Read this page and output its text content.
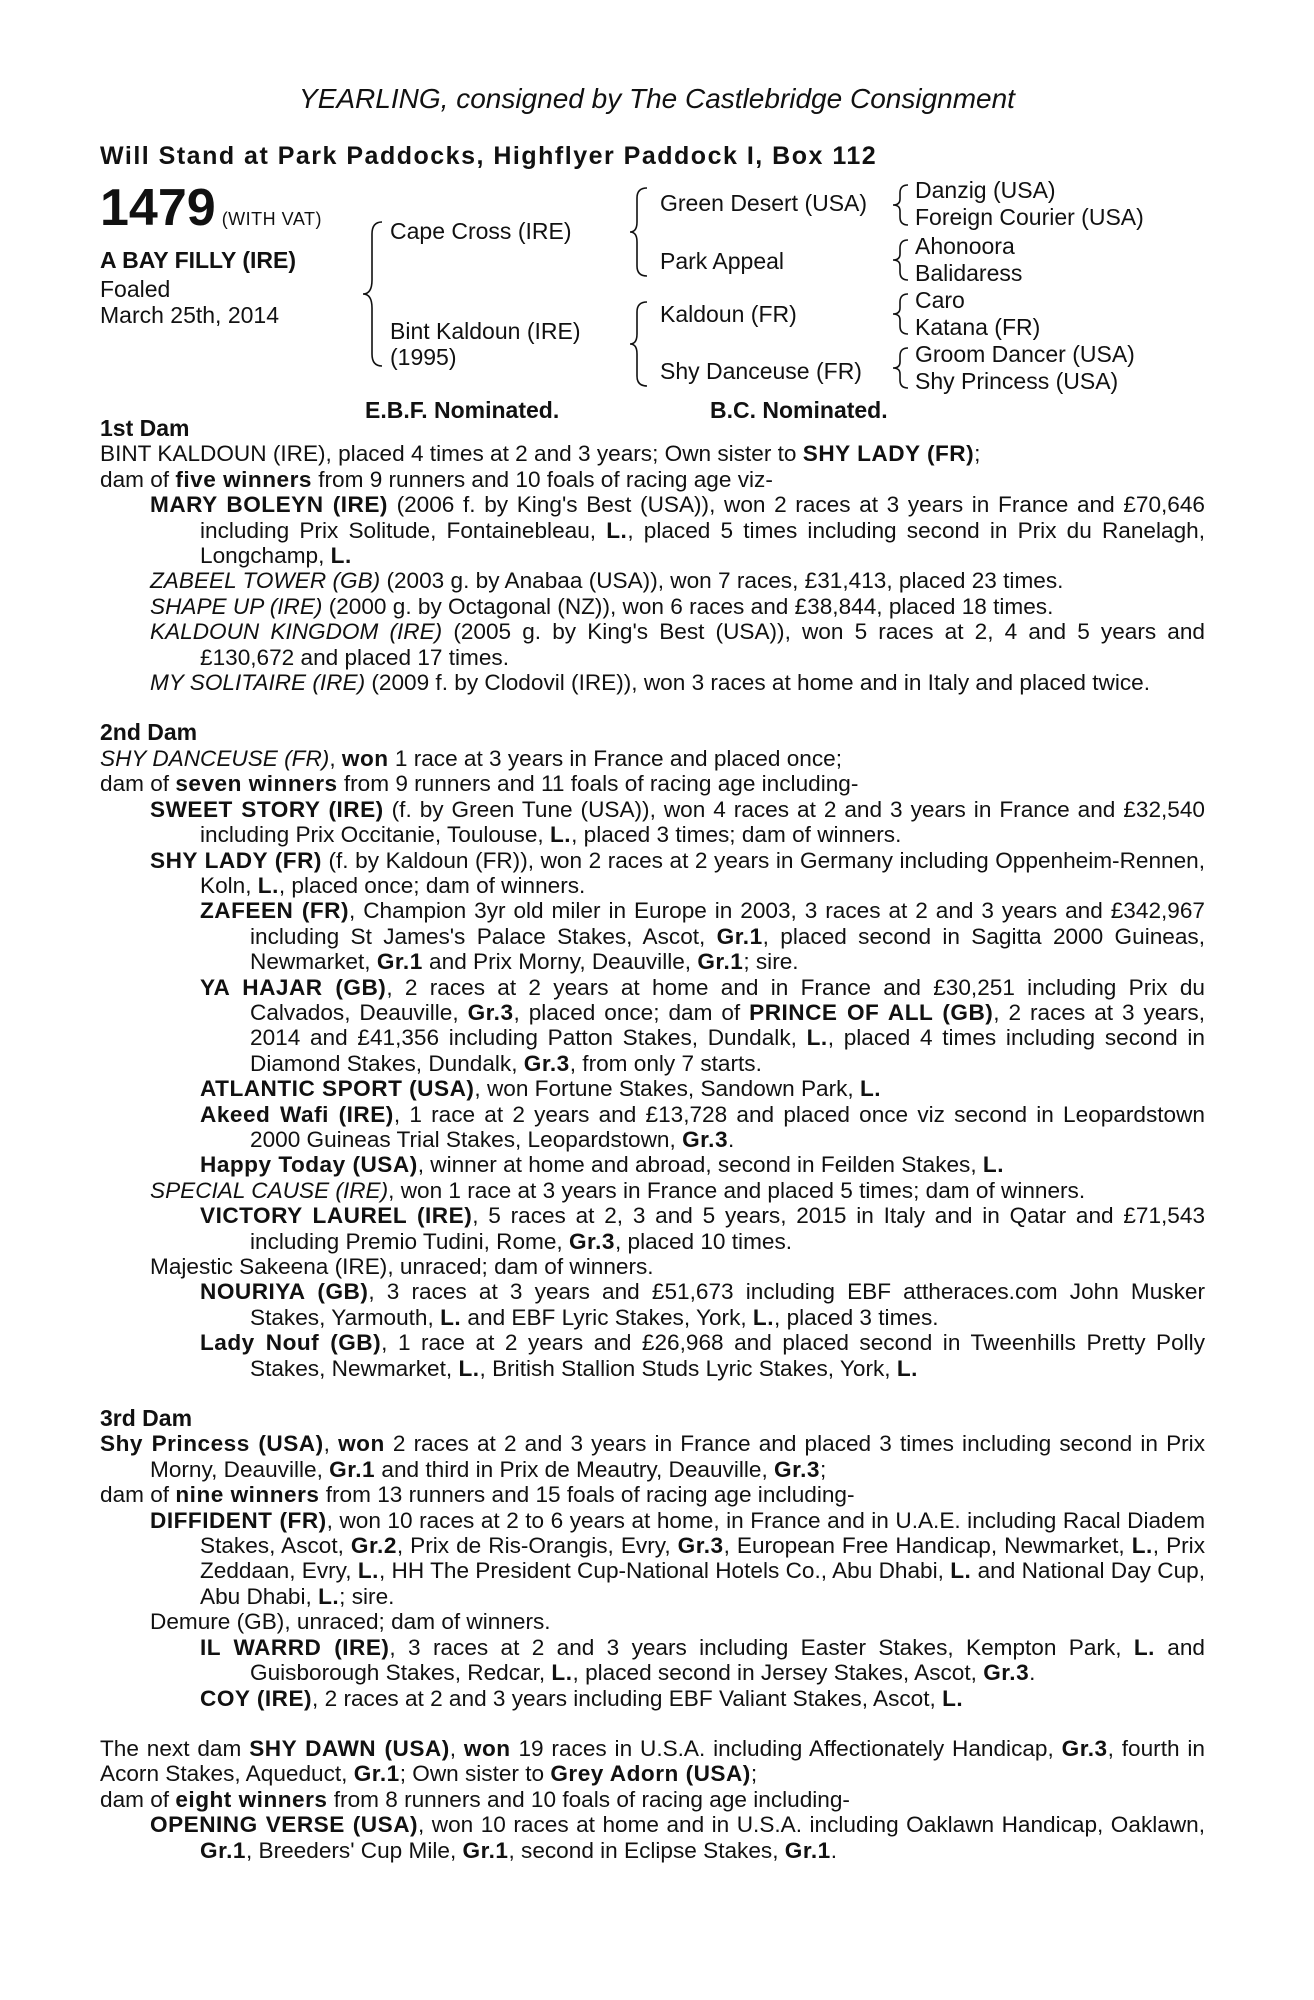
YEARLING, consigned by The Castlebridge Consignment
Will Stand at Park Paddocks, Highflyer Paddock I, Box 112
1479 (WITH VAT)
A BAY FILLY (IRE)
Foaled
March 25th, 2014
Cape Cross (IRE)
Bint Kaldoun (IRE)
(1995)
Green Desert (USA)
Park Appeal
Kaldoun (FR)
Shy Danceuse (FR)
Danzig (USA)
Foreign Courier (USA)
Ahonoora
Balidaress
Caro
Katana (FR)
Groom Dancer (USA)
Shy Princess (USA)
E.B.F. Nominated.	B.C. Nominated.

1st Dam

BINT KALDOUN (IRE), placed 4 times at 2 and 3 years; Own sister to SHY LADY (FR);

dam of five winners from 9 runners and 10 foals of racing age viz-

MARY BOLEYN (IRE) (2006 f. by King's Best (USA)), won 2 races at 3 years in France and £70,646 including Prix Solitude, Fontainebleau, L., placed 5 times including second in Prix du Ranelagh, Longchamp, L.

ZABEEL TOWER (GB) (2003 g. by Anabaa (USA)), won 7 races, £31,413, placed 23 times.

SHAPE UP (IRE) (2000 g. by Octagonal (NZ)), won 6 races and £38,844, placed 18 times.

KALDOUN KINGDOM (IRE) (2005 g. by King's Best (USA)), won 5 races at 2, 4 and 5 years and £130,672 and placed 17 times.

MY SOLITAIRE (IRE) (2009 f. by Clodovil (IRE)), won 3 races at home and in Italy and placed twice.

2nd Dam

SHY DANCEUSE (FR), won 1 race at 3 years in France and placed once;

dam of seven winners from 9 runners and 11 foals of racing age including-

SWEET STORY (IRE) (f. by Green Tune (USA)), won 4 races at 2 and 3 years in France and £32,540 including Prix Occitanie, Toulouse, L., placed 3 times; dam of winners.

SHY LADY (FR) (f. by Kaldoun (FR)), won 2 races at 2 years in Germany including Oppenheim-Rennen, Koln, L., placed once; dam of winners.

ZAFEEN (FR), Champion 3yr old miler in Europe in 2003, 3 races at 2 and 3 years and £342,967 including St James's Palace Stakes, Ascot, Gr.1, placed second in Sagitta 2000 Guineas, Newmarket, Gr.1 and Prix Morny, Deauville, Gr.1; sire.

YA HAJAR (GB), 2 races at 2 years at home and in France and £30,251 including Prix du Calvados, Deauville, Gr.3, placed once; dam of PRINCE OF ALL (GB), 2 races at 3 years, 2014 and £41,356 including Patton Stakes, Dundalk, L., placed 4 times including second in Diamond Stakes, Dundalk, Gr.3, from only 7 starts.

ATLANTIC SPORT (USA), won Fortune Stakes, Sandown Park, L.

Akeed Wafi (IRE), 1 race at 2 years and £13,728 and placed once viz second in Leopardstown 2000 Guineas Trial Stakes, Leopardstown, Gr.3.

Happy Today (USA), winner at home and abroad, second in Feilden Stakes, L.

SPECIAL CAUSE (IRE), won 1 race at 3 years in France and placed 5 times; dam of winners.

VICTORY LAUREL (IRE), 5 races at 2, 3 and 5 years, 2015 in Italy and in Qatar and £71,543 including Premio Tudini, Rome, Gr.3, placed 10 times.

Majestic Sakeena (IRE), unraced; dam of winners.

NOURIYA (GB), 3 races at 3 years and £51,673 including EBF attheraces.com John Musker Stakes, Yarmouth, L. and EBF Lyric Stakes, York, L., placed 3 times.

Lady Nouf (GB), 1 race at 2 years and £26,968 and placed second in Tweenhills Pretty Polly Stakes, Newmarket, L., British Stallion Studs Lyric Stakes, York, L.

3rd Dam

Shy Princess (USA), won 2 races at 2 and 3 years in France and placed 3 times including second in Prix Morny, Deauville, Gr.1 and third in Prix de Meautry, Deauville, Gr.3;

dam of nine winners from 13 runners and 15 foals of racing age including-

DIFFIDENT (FR), won 10 races at 2 to 6 years at home, in France and in U.A.E. including Racal Diadem Stakes, Ascot, Gr.2, Prix de Ris-Orangis, Evry, Gr.3, European Free Handicap, Newmarket, L., Prix Zeddaan, Evry, L., HH The President Cup-National Hotels Co., Abu Dhabi, L. and National Day Cup, Abu Dhabi, L.; sire.

Demure (GB), unraced; dam of winners.

IL WARRD (IRE), 3 races at 2 and 3 years including Easter Stakes, Kempton Park, L. and Guisborough Stakes, Redcar, L., placed second in Jersey Stakes, Ascot, Gr.3.

COY (IRE), 2 races at 2 and 3 years including EBF Valiant Stakes, Ascot, L.

The next dam SHY DAWN (USA), won 19 races in U.S.A. including Affectionately Handicap, Gr.3, fourth in Acorn Stakes, Aqueduct, Gr.1; Own sister to Grey Adorn (USA);

dam of eight winners from 8 runners and 10 foals of racing age including-

OPENING VERSE (USA), won 10 races at home and in U.S.A. including Oaklawn Handicap, Oaklawn, Gr.1, Breeders' Cup Mile, Gr.1, second in Eclipse Stakes, Gr.1.
